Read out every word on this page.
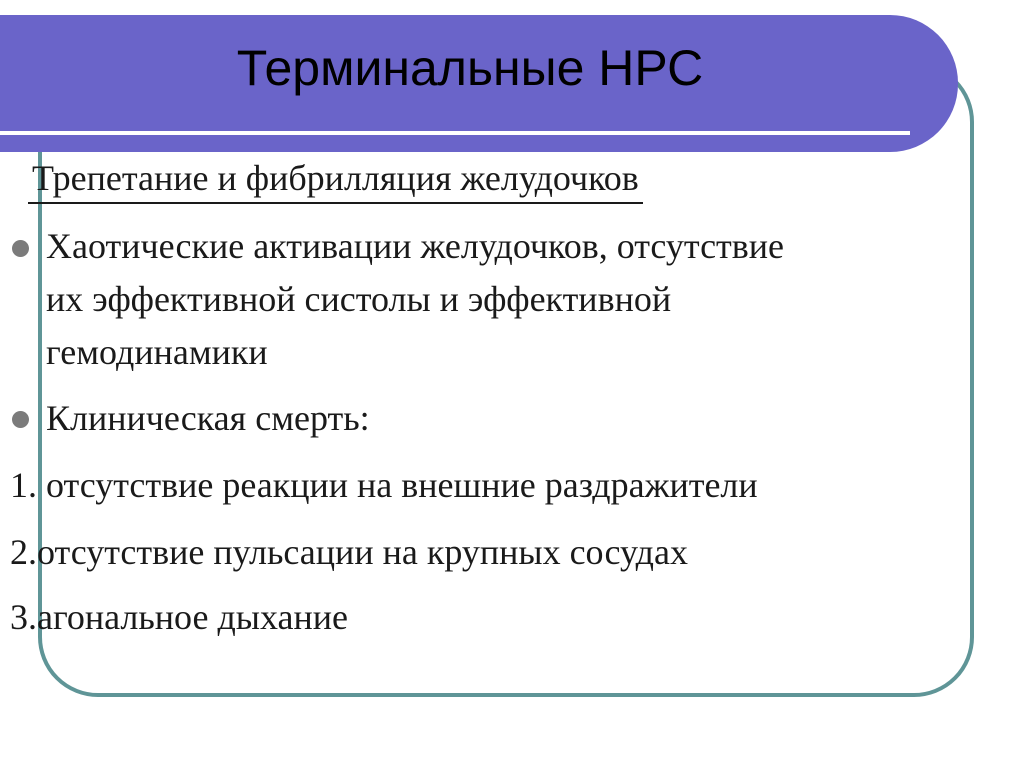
Терминальные НРС
Трепетание и фибрилляция желудочков
Хаотические активации желудочков, отсутствие
их эффективной систолы и эффективной
гемодинамики
Клиническая смерть:
1. отсутствие реакции на внешние раздражители
2.отсутствие пульсации на крупных сосудах
3.агональное дыхание
